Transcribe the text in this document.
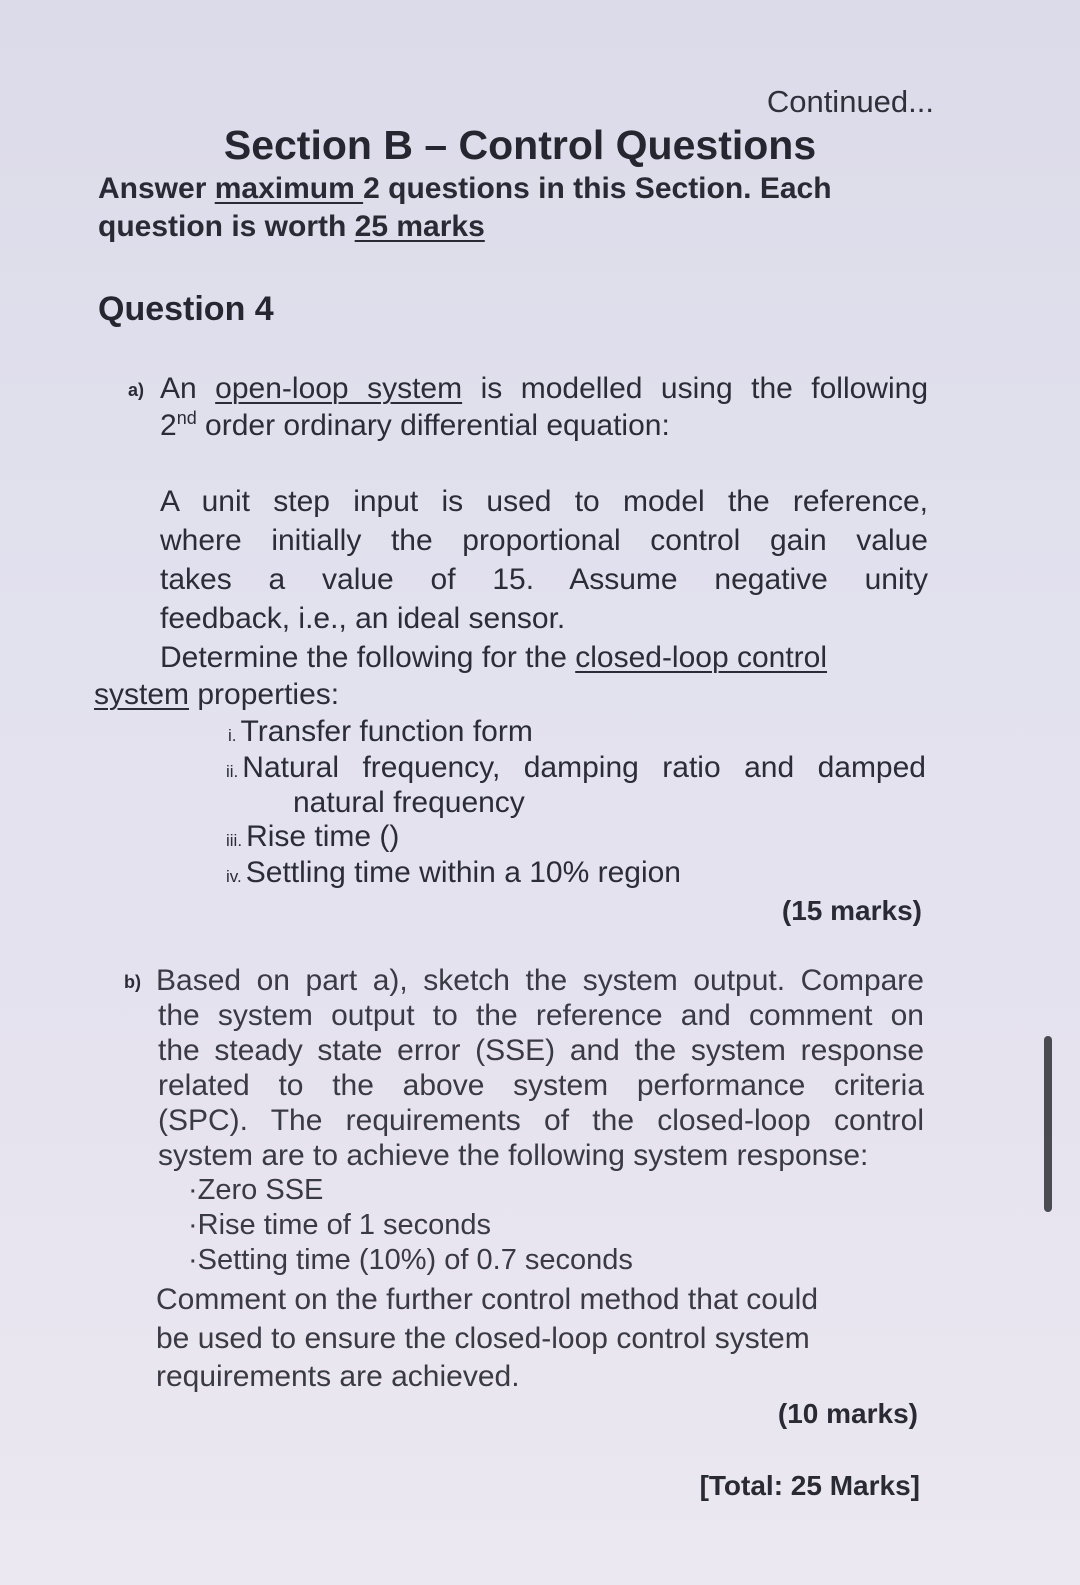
Continued...
Section B – Control Questions
Answer maximum 2 questions in this Section. Each
question is worth 25 marks
Question 4
a) An open-loop system is modelled using the following
2nd order ordinary differential equation:
A unit step input is used to model the reference,
where initially the proportional control gain value
takes a value of 15. Assume negative unity
feedback, i.e., an ideal sensor.
Determine the following for the closed-loop control
system properties:
i. Transfer function form
ii. Natural frequency, damping ratio and damped
natural frequency
iii. Rise time ()
iv. Settling time within a 10% region
(15 marks)
b) Based on part a), sketch the system output. Compare
the system output to the reference and comment on
the steady state error (SSE) and the system response
related to the above system performance criteria
(SPC). The requirements of the closed-loop control
system are to achieve the following system response:
·Zero SSE
·Rise time of 1 seconds
·Setting time (10%) of 0.7 seconds
Comment on the further control method that could
be used to ensure the closed-loop control system
requirements are achieved.
(10 marks)
[Total: 25 Marks]
